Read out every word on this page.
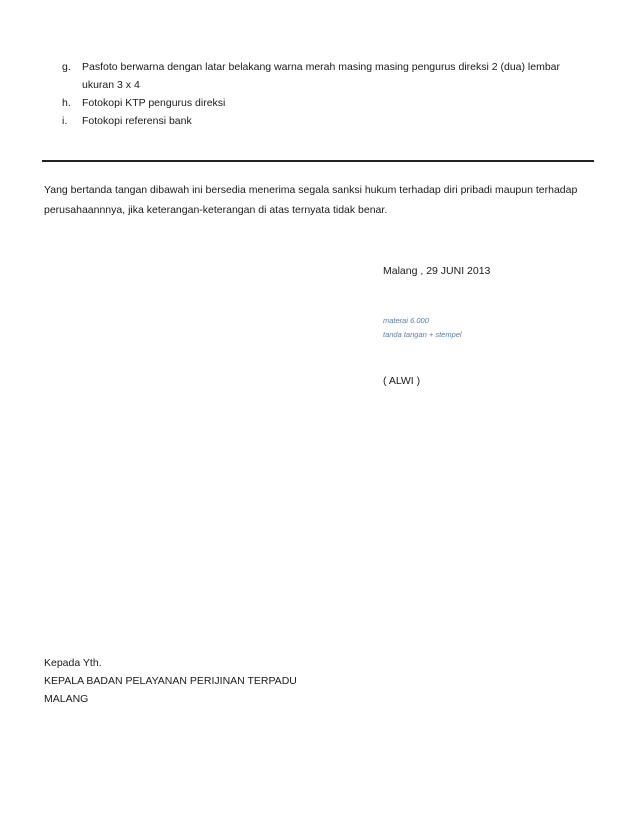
g.	Pasfoto berwarna dengan latar belakang warna merah masing masing pengurus direksi 2 (dua) lembar ukuran 3 x 4
h.	Fotokopi KTP pengurus direksi
i.	Fotokopi referensi bank
Yang bertanda tangan dibawah ini bersedia menerima segala sanksi hukum terhadap diri pribadi maupun terhadap perusahaannnya, jika keterangan-keterangan di atas ternyata tidak benar.
Malang , 29 JUNI 2013
materai 6.000
tanda tangan + stempel
( ALWI )
Kepada Yth.
KEPALA BADAN PELAYANAN PERIJINAN TERPADU
MALANG
